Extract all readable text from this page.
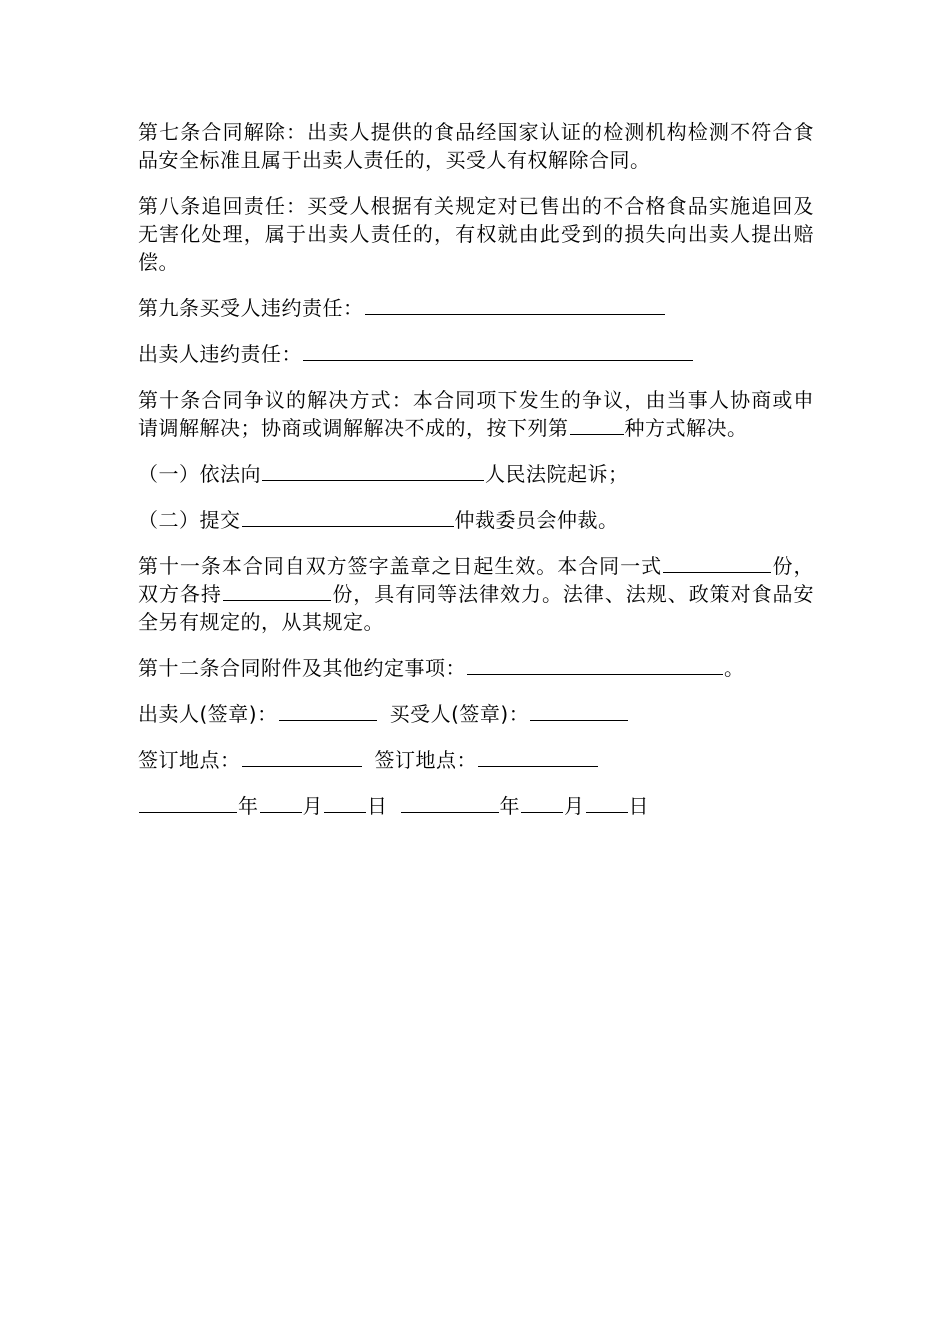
第七条合同解除：出卖人提供的食品经国家认证的检测机构检测不符合食品安全标准且属于出卖人责任的，买受人有权解除合同。

第八条追回责任：买受人根据有关规定对已售出的不合格食品实施追回及无害化处理，属于出卖人责任的，有权就由此受到的损失向出卖人提出赔偿。

第九条买受人违约责任：

出卖人违约责任：

第十条合同争议的解决方式：本合同项下发生的争议，由当事人协商或申请调解解决；协商或调解解决不成的，按下列第	种方式解决。

（一）依法向	人民法院起诉；

（二）提交	仲裁委员会仲裁。

第十一条本合同自双方签字盖章之日起生效。本合同一式	份，双方各持	份，具有同等法律效力。法律、法规、政策对食品安全另有规定的，从其规定。

第十二条合同附件及其他约定事项：	。

出卖人(签章)：	买受人(签章)：

签订地点：	签订地点：

年 月 日	年 月 日
